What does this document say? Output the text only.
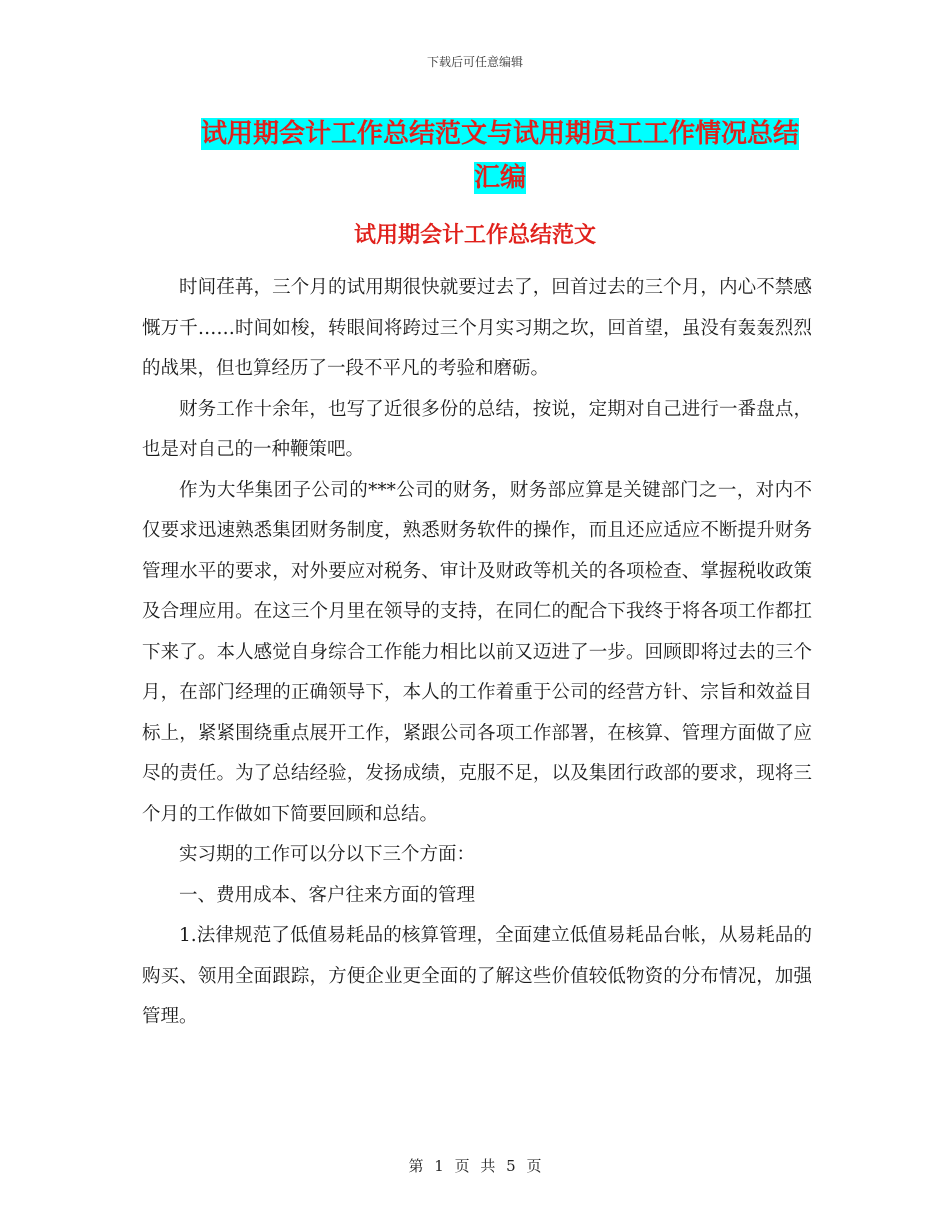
下载后可任意编辑
试用期会计工作总结范文与试用期员工工作情况总结
汇编
试用期会计工作总结范文

时间荏苒，三个月的试用期很快就要过去了，回首过去的三个月，内心不禁感慨万千……时间如梭，转眼间将跨过三个月实习期之坎，回首望，虽没有轰轰烈烈的战果，但也算经历了一段不平凡的考验和磨砺。

财务工作十余年，也写了近很多份的总结，按说，定期对自己进行一番盘点，也是对自己的一种鞭策吧。

作为大华集团子公司的***公司的财务，财务部应算是关键部门之一，对内不仅要求迅速熟悉集团财务制度，熟悉财务软件的操作，而且还应适应不断提升财务管理水平的要求，对外要应对税务、审计及财政等机关的各项检查、掌握税收政策及合理应用。在这三个月里在领导的支持，在同仁的配合下我终于将各项工作都扛下来了。本人感觉自身综合工作能力相比以前又迈进了一步。回顾即将过去的三个月，在部门经理的正确领导下，本人的工作着重于公司的经营方针、宗旨和效益目标上，紧紧围绕重点展开工作，紧跟公司各项工作部署，在核算、管理方面做了应尽的责任。为了总结经验，发扬成绩，克服不足，以及集团行政部的要求，现将三个月的工作做如下简要回顾和总结。

实习期的工作可以分以下三个方面：

一、费用成本、客户往来方面的管理

1.法律规范了低值易耗品的核算管理，全面建立低值易耗品台帐，从易耗品的购买、领用全面跟踪，方便企业更全面的了解这些价值较低物资的分布情况，加强管理。

第 1 页 共 5 页
